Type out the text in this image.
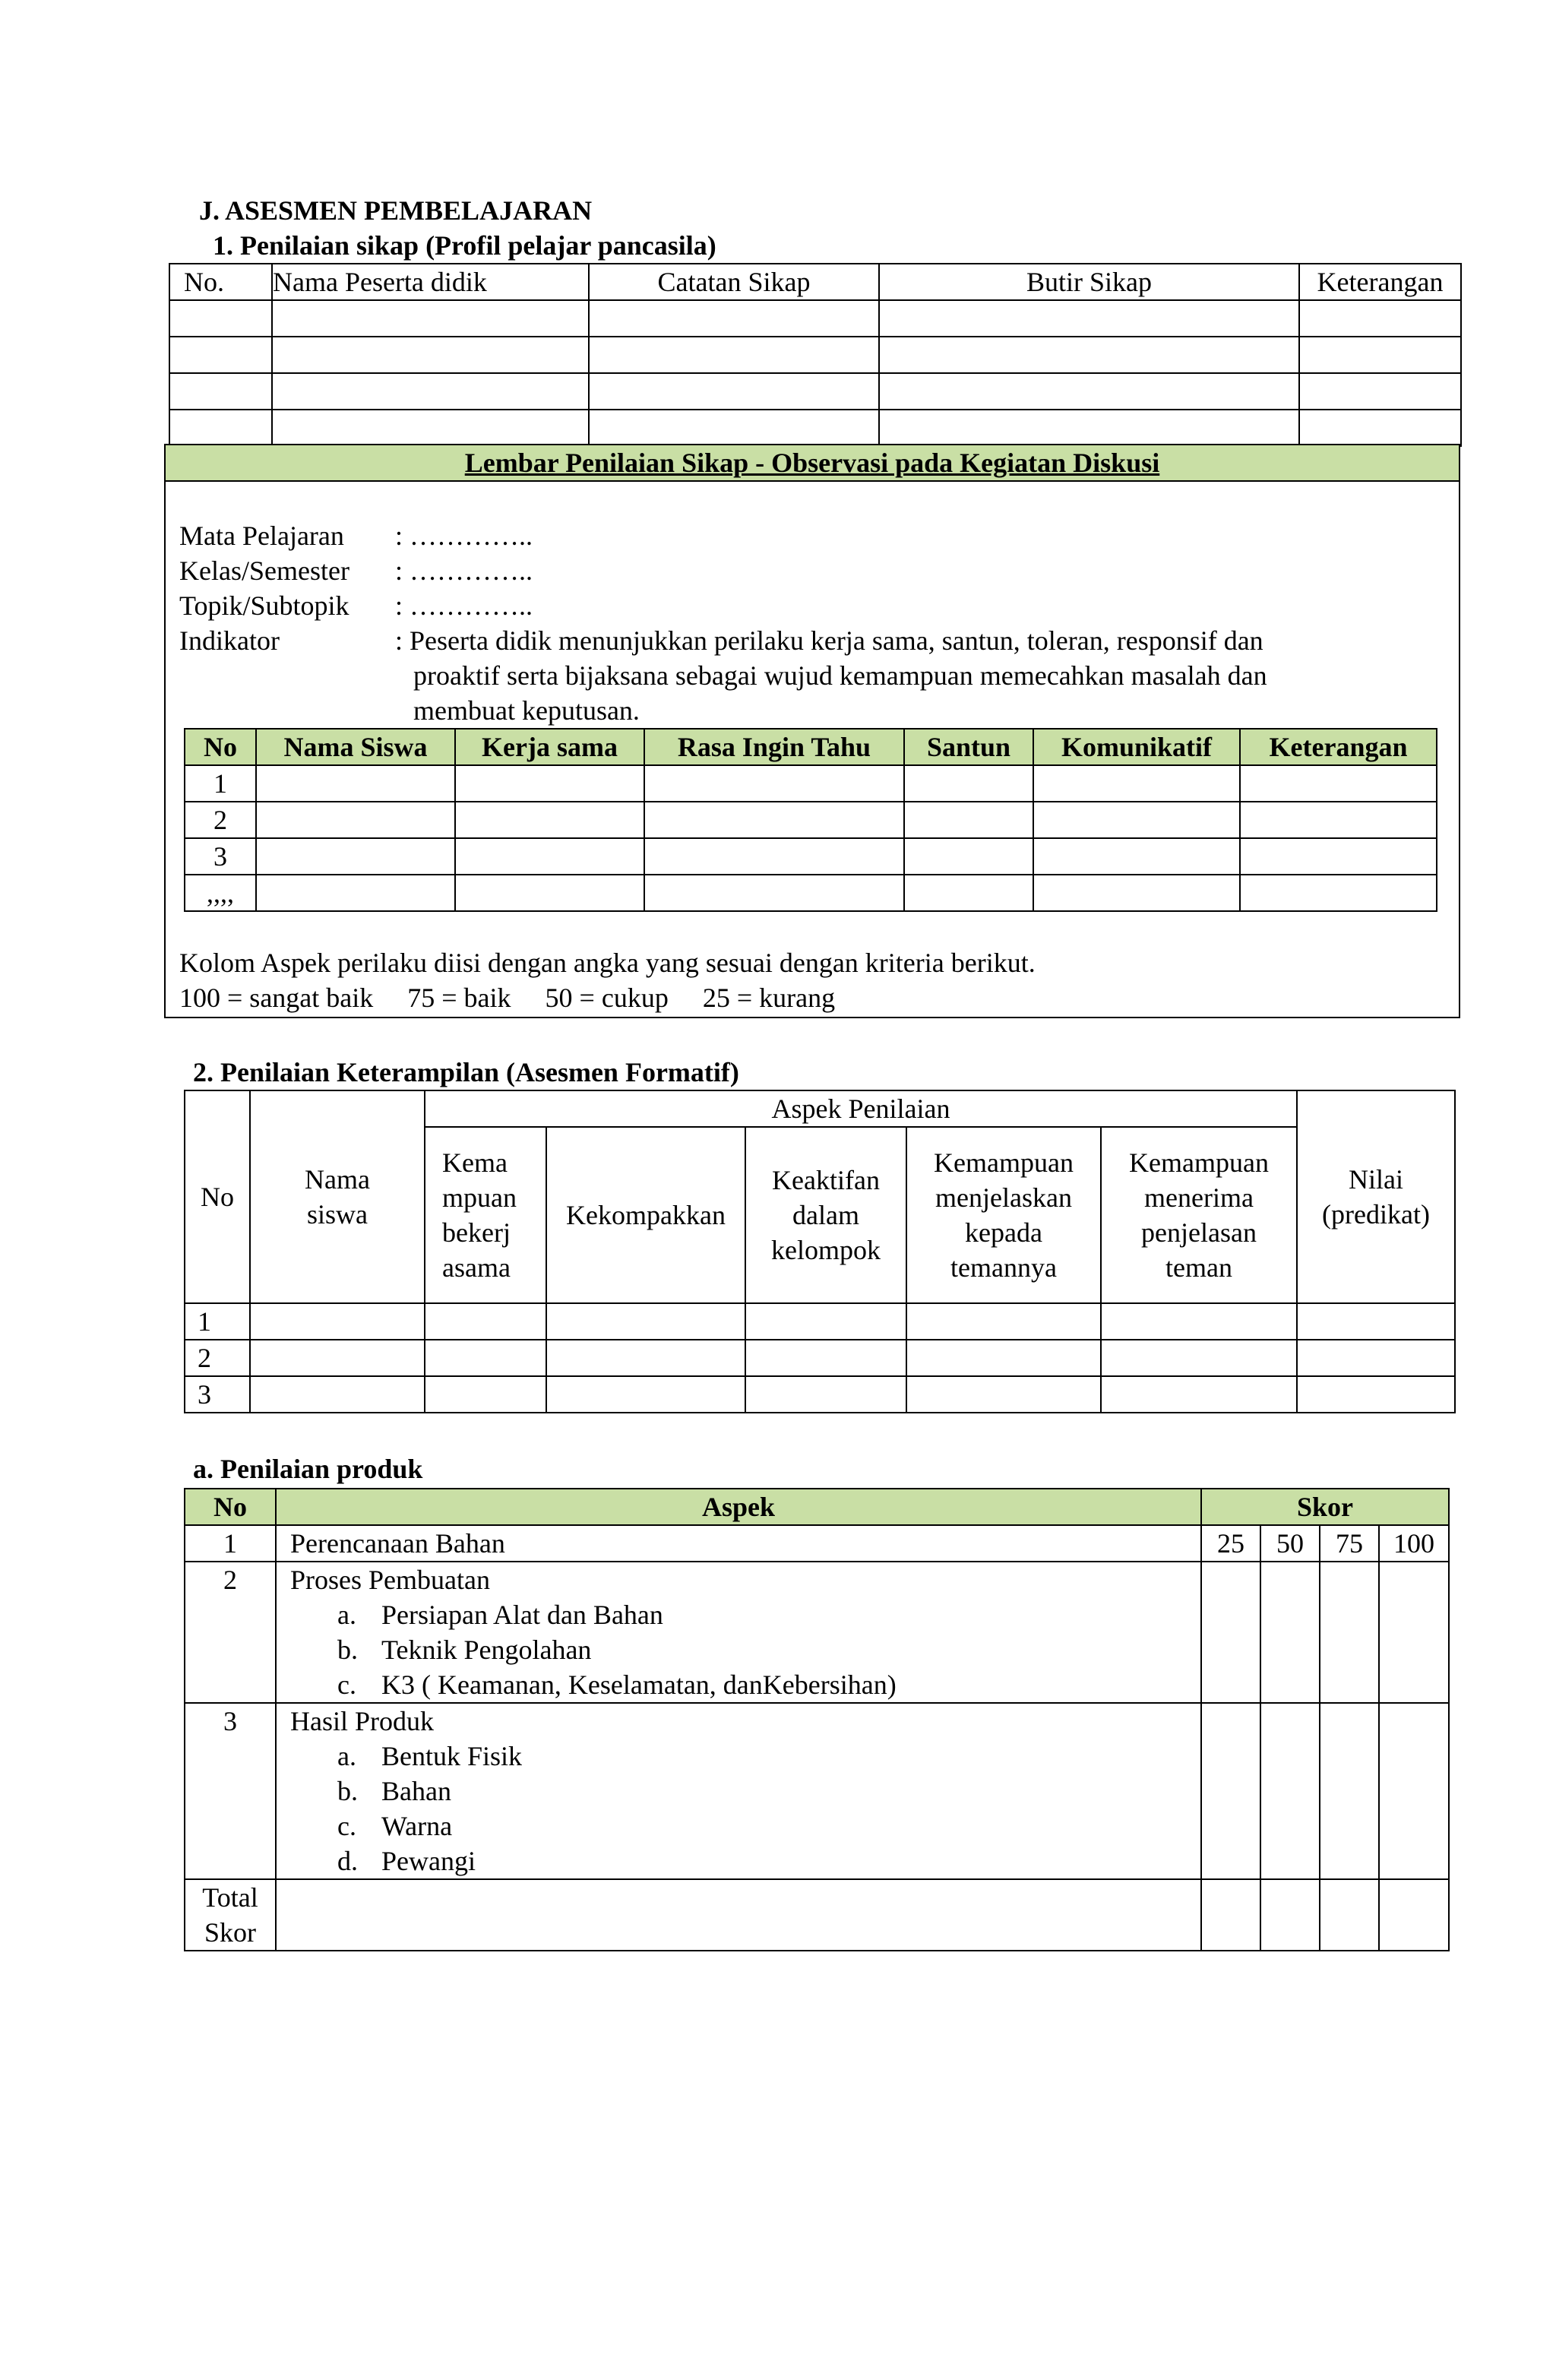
J. ASESMEN PEMBELAJARAN
1. Penilaian sikap (Profil pelajar pancasila)
No.	Nama Peserta didik	Catatan Sikap	Butir Sikap	Keterangan

Lembar Penilaian Sikap - Observasi pada Kegiatan Diskusi
Mata Pelajaran : …………..
Kelas/Semester : …………..
Topik/Subtopik : …………..
Indikator	: Peserta didik menunjukkan perilaku kerja sama, santun, toleran, responsif dan
proaktif serta bijaksana sebagai wujud kemampuan memecahkan masalah dan
membuat keputusan.
No	Nama Siswa	Kerja sama	Rasa Ingin Tahu	Santun	Komunikatif	Keterangan
1						
2						
3						
,,,,						
Kolom Aspek perilaku diisi dengan angka yang sesuai dengan kriteria berikut.
100 = sangat baik     75 = baik     50 = cukup     25 = kurang
2. Penilaian Keterampilan (Asesmen Formatif)
No	Nama siswa	Aspek Penilaian					Nilai (predikat)
		Kema mpuan bekerj asama	Kekompakkan	Keaktifan dalam kelompok	Kemampuan menjelaskan kepada temannya	Kemampuan menerima penjelasan teman	
1							
2							
3							
a. Penilaian produk
No	Aspek	Skor			
1	Perencanaan Bahan	25	50	75	100
2	Proses Pembuatan
a. Persiapan Alat dan Bahan
b. Teknik Pengolahan
c. K3 ( Keamanan, Keselamatan, danKebersihan)				

3	Hasil Produk
a. Bentuk Fisik
b. Bahan
c. Warna
d. Pewangi				

Total
Skor					
